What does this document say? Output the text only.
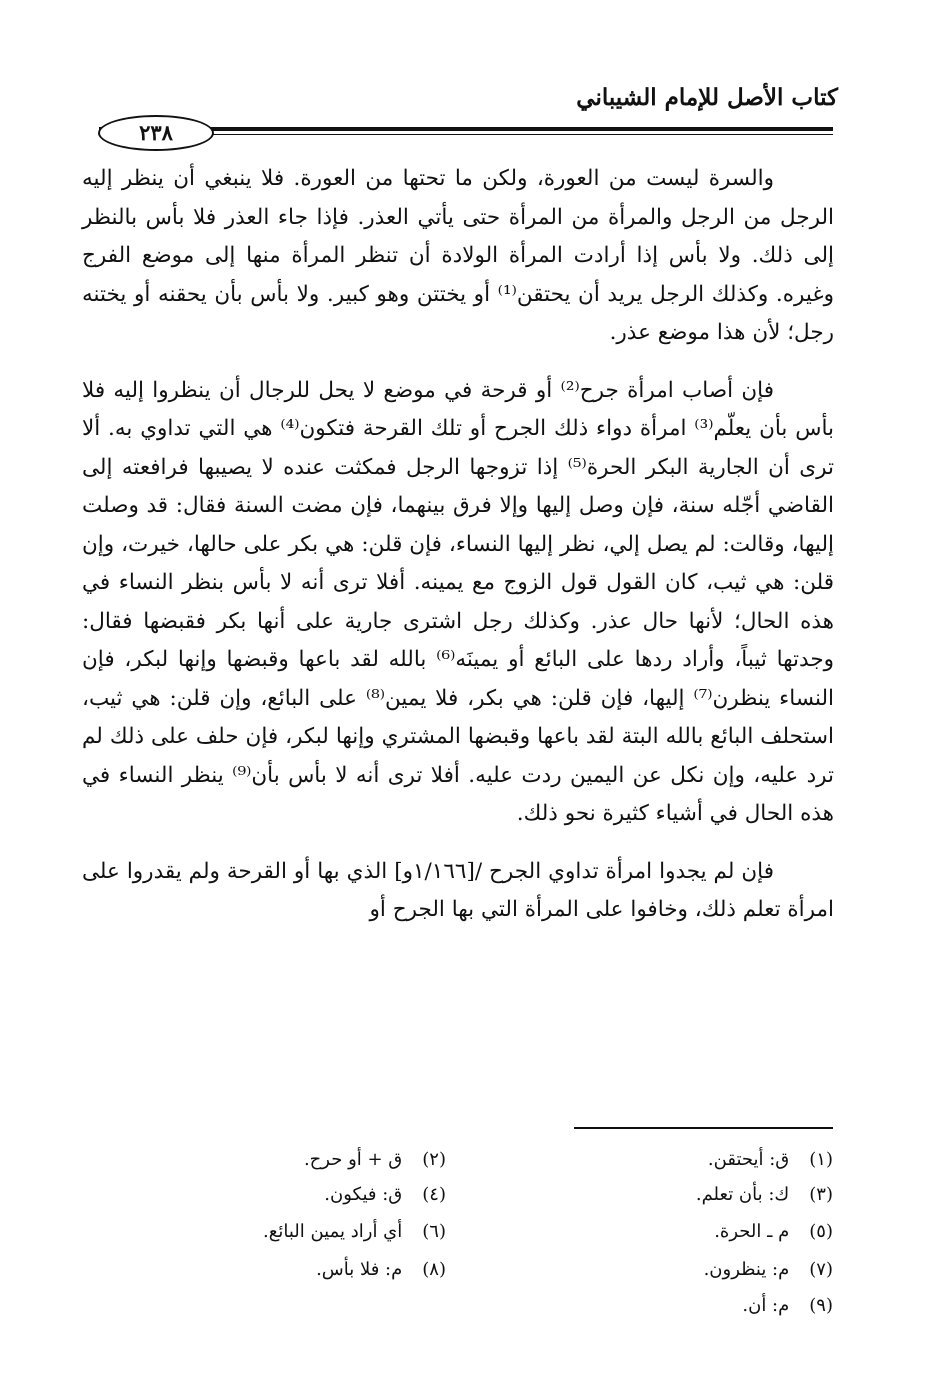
كتاب الأصل للإمام الشيباني
٢٣٨

والسرة ليست من العورة، ولكن ما تحتها من العورة. فلا ينبغي أن ينظر إليه الرجل من الرجل والمرأة من المرأة حتى يأتي العذر. فإذا جاء العذر فلا بأس بالنظر إلى ذلك. ولا بأس إذا أرادت المرأة الولادة أن تنظر المرأة منها إلى موضع الفرج وغيره. وكذلك الرجل يريد أن يحتقن⁽¹⁾ أو يختتن وهو كبير. ولا بأس بأن يحقنه أو يختنه رجل؛ لأن هذا موضع عذر.

فإن أصاب امرأة جرح⁽²⁾ أو قرحة في موضع لا يحل للرجال أن ينظروا إليه فلا بأس بأن يعلّم⁽³⁾ امرأة دواء ذلك الجرح أو تلك القرحة فتكون⁽⁴⁾ هي التي تداوي به. ألا ترى أن الجارية البكر الحرة⁽⁵⁾ إذا تزوجها الرجل فمكثت عنده لا يصيبها فرافعته إلى القاضي أجّله سنة، فإن وصل إليها وإلا فرق بينهما، فإن مضت السنة فقال: قد وصلت إليها، وقالت: لم يصل إلي، نظر إليها النساء، فإن قلن: هي بكر على حالها، خيرت، وإن قلن: هي ثيب، كان القول قول الزوج مع يمينه. أفلا ترى أنه لا بأس بنظر النساء في هذه الحال؛ لأنها حال عذر. وكذلك رجل اشترى جارية على أنها بكر فقبضها فقال: وجدتها ثيباً، وأراد ردها على البائع أو يمينَه⁽⁶⁾ بالله لقد باعها وقبضها وإنها لبكر، فإن النساء ينظرن⁽⁷⁾ إليها، فإن قلن: هي بكر، فلا يمين⁽⁸⁾ على البائع، وإن قلن: هي ثيب، استحلف البائع بالله البتة لقد باعها وقبضها المشتري وإنها لبكر، فإن حلف على ذلك لم ترد عليه، وإن نكل عن اليمين ردت عليه. أفلا ترى أنه لا بأس بأن⁽⁹⁾ ينظر النساء في هذه الحال في أشياء كثيرة نحو ذلك.

فإن لم يجدوا امرأة تداوي الجرح /[١/١٦٦و] الذي بها أو القرحة ولم يقدروا على امرأة تعلم ذلك، وخافوا على المرأة التي بها الجرح أو

(١) ق: أيحتقن.
(٢) ق + أو حرح.
(٣) ك: بأن تعلم.
(٤) ق: فيكون.
(٥) م ـ الحرة.
(٦) أي أراد يمين البائع.
(٧) م: ينظرون.
(٨) م: فلا بأس.
(٩) م: أن.
